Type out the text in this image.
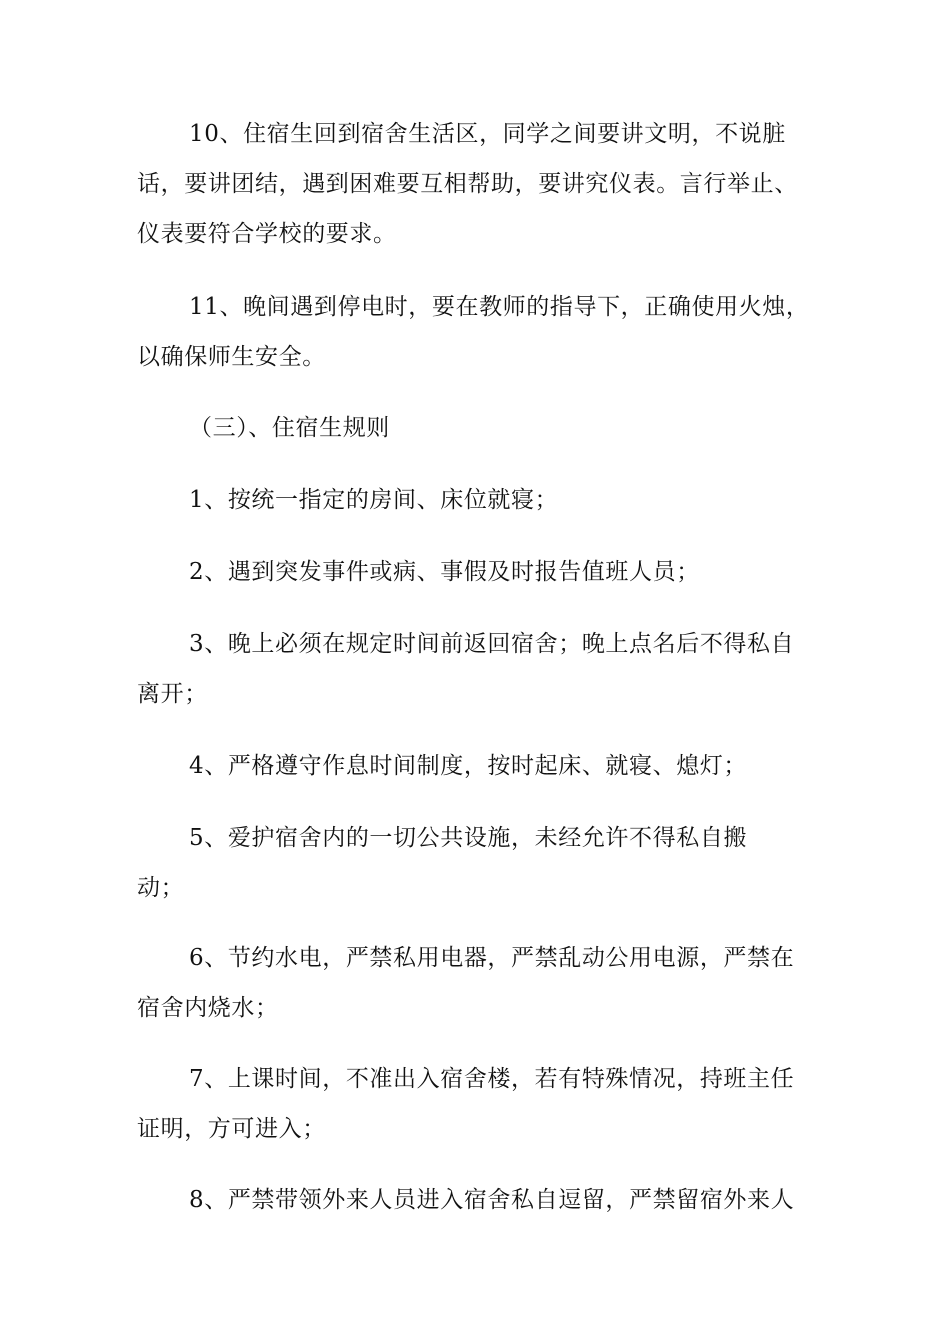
10、住宿生回到宿舍生活区，同学之间要讲文明，不说脏话，要讲团结，遇到困难要互相帮助，要讲究仪表。言行举止、仪表要符合学校的要求。

11、晚间遇到停电时，要在教师的指导下，正确使用火烛，以确保师生安全。

（三）、住宿生规则

1、按统一指定的房间、床位就寝；

2、遇到突发事件或病、事假及时报告值班人员；

3、晚上必须在规定时间前返回宿舍；晚上点名后不得私自离开；

4、严格遵守作息时间制度，按时起床、就寝、熄灯；

5、爱护宿舍内的一切公共设施，未经允许不得私自搬动；

6、节约水电，严禁私用电器，严禁乱动公用电源，严禁在宿舍内烧水；

7、上课时间，不准出入宿舍楼，若有特殊情况，持班主任证明，方可进入；

8、严禁带领外来人员进入宿舍私自逗留，严禁留宿外来人
